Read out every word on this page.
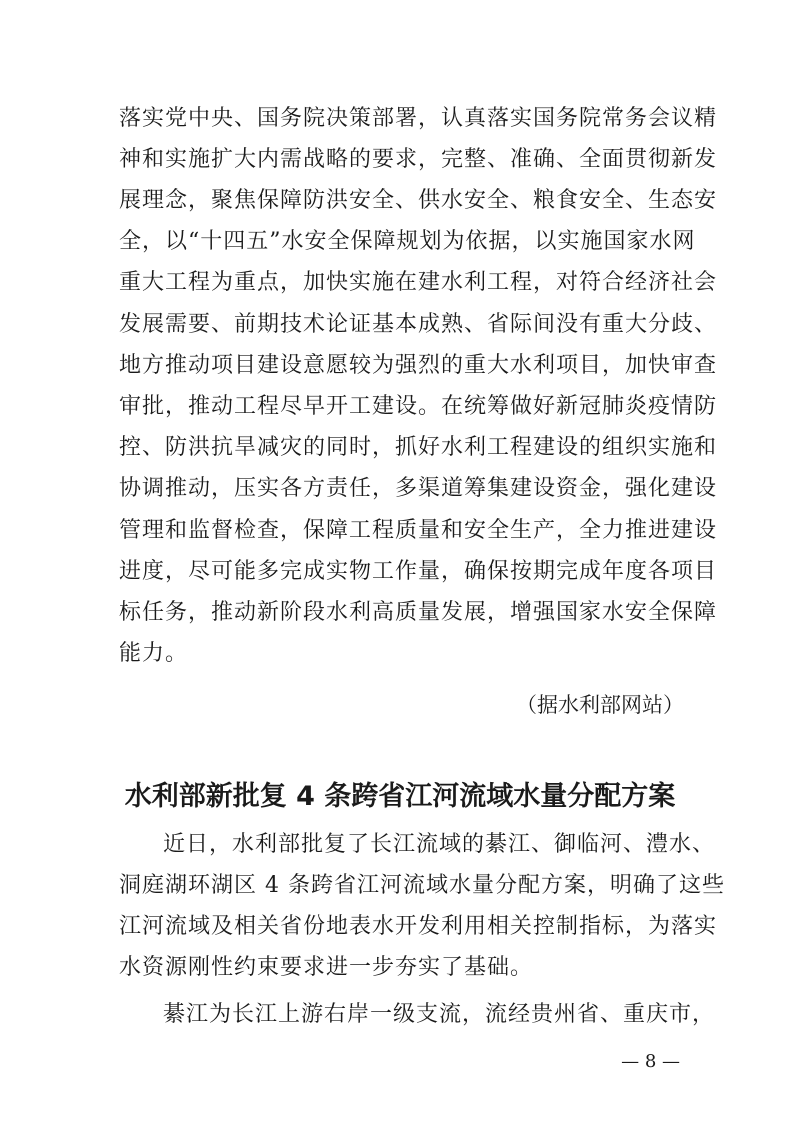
落实党中央、国务院决策部署，认真落实国务院常务会议精
神和实施扩大内需战略的要求，完整、准确、全面贯彻新发
展理念，聚焦保障防洪安全、供水安全、粮食安全、生态安
全，以“十四五”水安全保障规划为依据，以实施国家水网
重大工程为重点，加快实施在建水利工程，对符合经济社会
发展需要、前期技术论证基本成熟、省际间没有重大分歧、
地方推动项目建设意愿较为强烈的重大水利项目，加快审查
审批，推动工程尽早开工建设。在统筹做好新冠肺炎疫情防
控、防洪抗旱减灾的同时，抓好水利工程建设的组织实施和
协调推动，压实各方责任，多渠道筹集建设资金，强化建设
管理和监督检查，保障工程质量和安全生产，全力推进建设
进度，尽可能多完成实物工作量，确保按期完成年度各项目
标任务，推动新阶段水利高质量发展，增强国家水安全保障
能力。
（据水利部网站）
水利部新批复 4 条跨省江河流域水量分配方案
近日，水利部批复了长江流域的綦江、御临河、澧水、
洞庭湖环湖区 4 条跨省江河流域水量分配方案，明确了这些
江河流域及相关省份地表水开发利用相关控制指标，为落实
水资源刚性约束要求进一步夯实了基础。
綦江为长江上游右岸一级支流，流经贵州省、重庆市，
— 8 —
